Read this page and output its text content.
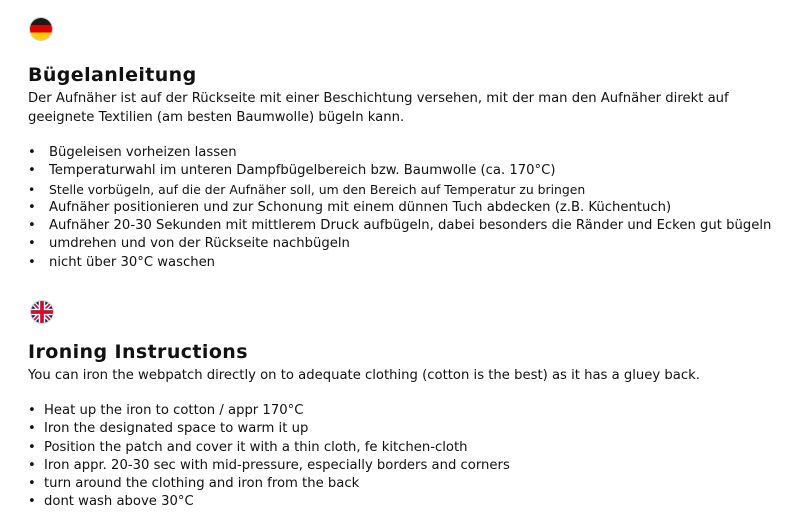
Bügelanleitung

Der Aufnäher ist auf der Rückseite mit einer Beschichtung versehen, mit der man den Aufnäher direkt auf geeignete Textilien (am besten Baumwolle) bügeln kann.

• Bügeleisen vorheizen lassen
• Temperaturwahl im unteren Dampfbügelbereich bzw. Baumwolle (ca. 170°C)
• Stelle vorbügeln, auf die der Aufnäher soll, um den Bereich auf Temperatur zu bringen
• Aufnäher positionieren und zur Schonung mit einem dünnen Tuch abdecken (z.B. Küchentuch)
• Aufnäher 20-30 Sekunden mit mittlerem Druck aufbügeln, dabei besonders die Ränder und Ecken gut bügeln
• umdrehen und von der Rückseite nachbügeln
• nicht über 30°C waschen
Ironing Instructions

You can iron the webpatch directly on to adequate clothing (cotton is the best) as it has a gluey back.

• Heat up the iron to cotton / appr 170°C
• Iron the designated space to warm it up
• Position the patch and cover it with a thin cloth, fe kitchen-cloth
• Iron appr. 20-30 sec with mid-pressure, especially borders and corners
• turn around the clothing and iron from the back
• dont wash above 30°C
